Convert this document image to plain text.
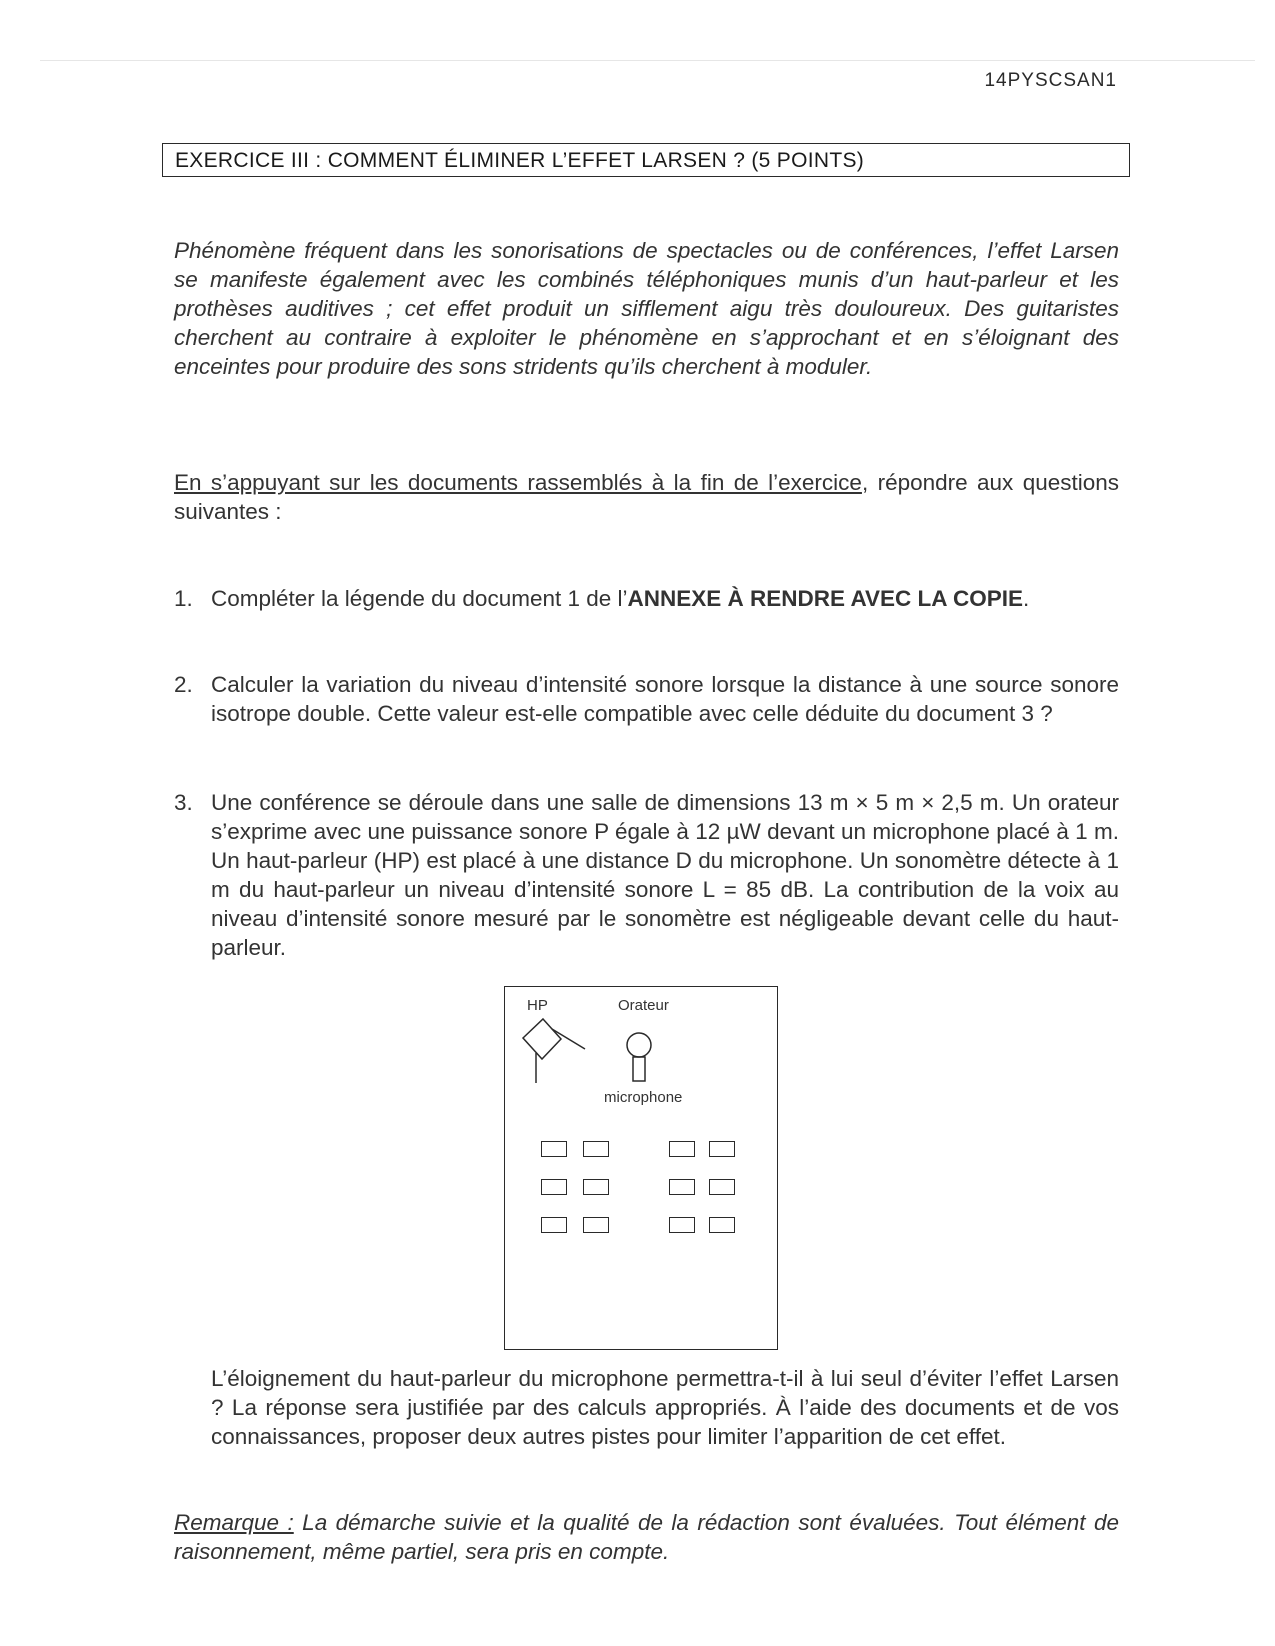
14PYSCSAN1
EXERCICE III : COMMENT ÉLIMINER L’EFFET LARSEN ? (5 POINTS)
Phénomène fréquent dans les sonorisations de spectacles ou de conférences, l’effet Larsen se manifeste également avec les combinés téléphoniques munis d’un haut-parleur et les prothèses auditives ; cet effet produit un sifflement aigu très douloureux. Des guitaristes cherchent au contraire à exploiter le phénomène en s’approchant et en s’éloignant des enceintes pour produire des sons stridents qu’ils cherchent à moduler.
En s’appuyant sur les documents rassemblés à la fin de l’exercice, répondre aux questions suivantes :
1. Compléter la légende du document 1 de l’ANNEXE À RENDRE AVEC LA COPIE.
2. Calculer la variation du niveau d’intensité sonore lorsque la distance à une source sonore isotrope double. Cette valeur est-elle compatible avec celle déduite du document 3 ?
3. Une conférence se déroule dans une salle de dimensions 13 m × 5 m × 2,5 m. Un orateur s’exprime avec une puissance sonore P égale à 12 µW devant un microphone placé à 1 m. Un haut-parleur (HP) est placé à une distance D du microphone. Un sonomètre détecte à 1 m du haut-parleur un niveau d’intensité sonore L = 85 dB. La contribution de la voix au niveau d’intensité sonore mesuré par le sonomètre est négligeable devant celle du haut-parleur.
HP	Orateur
microphone
L’éloignement du haut-parleur du microphone permettra-t-il à lui seul d’éviter l’effet Larsen ? La réponse sera justifiée par des calculs appropriés. À l’aide des documents et de vos connaissances, proposer deux autres pistes pour limiter l’apparition de cet effet.
Remarque : La démarche suivie et la qualité de la rédaction sont évaluées. Tout élément de raisonnement, même partiel, sera pris en compte.
